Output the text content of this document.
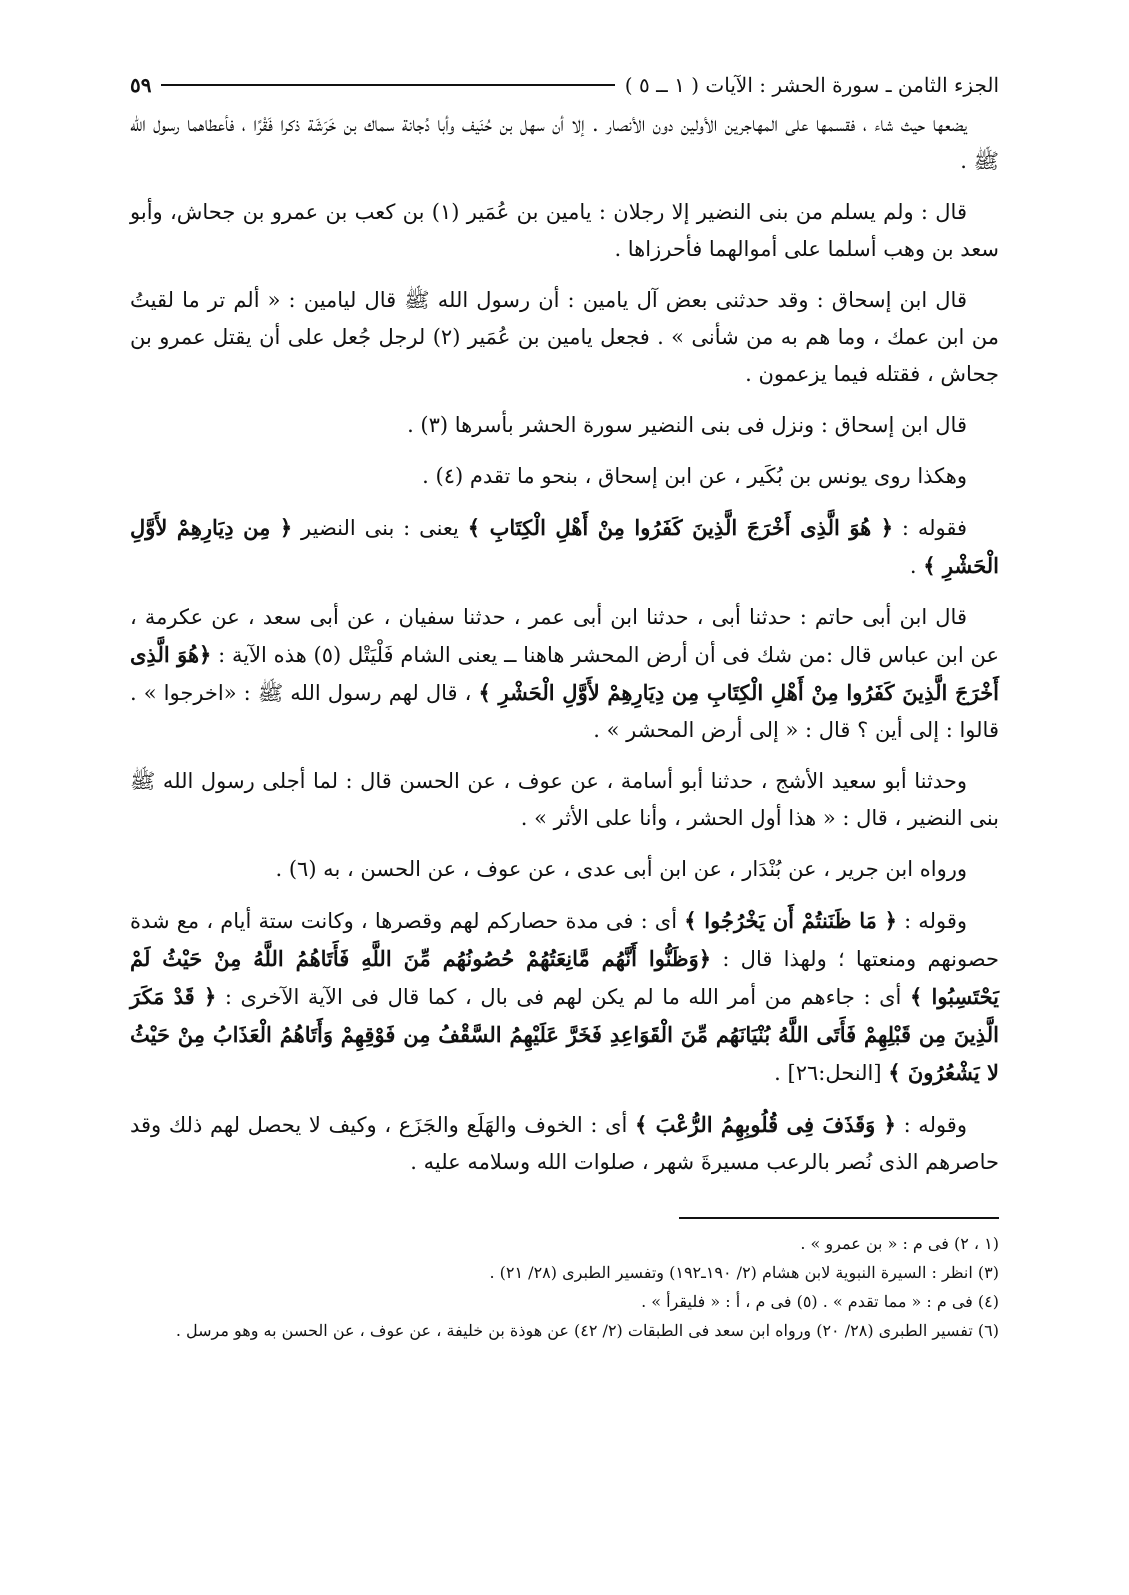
الجزء الثامن ـ سورة الحشر : الآيات ( ١ ــ ٥ )
٥٩

يضعها حيث شاء ، فقسمها على المهاجرين الأولين دون الأنصار . إلا أن سهل بن حُنَيف وأبا دُجانة سماك بن خَرَشَة ذكرا فَقْرًا ، فأعطاهما رسول الله ﷺ .

قال : ولم يسلم من بنى النضير إلا رجلان : يامين بن عُمَير (١) بن كعب بن عمرو بن جحاش، وأبو سعد بن وهب أسلما على أموالهما فأحرزاها .

قال ابن إسحاق : وقد حدثنى بعض آل يامين : أن رسول الله ﷺ قال ليامين : « ألم تر ما لقيتُ من ابن عمك ، وما هم به من شأنى » . فجعل يامين بن عُمَير (٢) لرجل جُعل على أن يقتل عمرو بن جحاش ، فقتله فيما يزعمون .

قال ابن إسحاق : ونزل فى بنى النضير سورة الحشر بأسرها (٣) .

وهكذا روى يونس بن بُكَير ، عن ابن إسحاق ، بنحو ما تقدم (٤) .

فقوله : ﴿ هُوَ الَّذِى أَخْرَجَ الَّذِينَ كَفَرُوا مِنْ أَهْلِ الْكِتَابِ ﴾ يعنى : بنى النضير ﴿ مِن دِيَارِهِمْ لأَوَّلِ الْحَشْرِ ﴾ .

قال ابن أبى حاتم : حدثنا أبى ، حدثنا ابن أبى عمر ، حدثنا سفيان ، عن أبى سعد ، عن عكرمة ، عن ابن عباس قال :من شك فى أن أرض المحشر هاهنا ــ يعنى الشام فَلْيَتْل (٥) هذه الآية : ﴿هُوَ الَّذِى أَخْرَجَ الَّذِينَ كَفَرُوا مِنْ أَهْلِ الْكِتَابِ مِن دِيَارِهِمْ لأَوَّلِ الْحَشْرِ ﴾ ، قال لهم رسول الله ﷺ : «اخرجوا » . قالوا : إلى أين ؟ قال : « إلى أرض المحشر » .

وحدثنا أبو سعيد الأشج ، حدثنا أبو أسامة ، عن عوف ، عن الحسن قال : لما أجلى رسول الله ﷺ بنى النضير ، قال : « هذا أول الحشر ، وأنا على الأثر » .

ورواه ابن جرير ، عن بُنْدَار ، عن ابن أبى عدى ، عن عوف ، عن الحسن ، به (٦) .

وقوله : ﴿ مَا ظَنَنتُمْ أَن يَخْرُجُوا ﴾ أى : فى مدة حصاركم لهم وقصرها ، وكانت ستة أيام ، مع شدة حصونهم ومنعتها ؛ ولهذا قال : ﴿وَظَنُّوا أَنَّهُم مَّانِعَتُهُمْ حُصُونُهُم مِّنَ اللَّهِ فَأَتَاهُمُ اللَّهُ مِنْ حَيْثُ لَمْ يَحْتَسِبُوا ﴾ أى : جاءهم من أمر الله ما لم يكن لهم فى بال ، كما قال فى الآية الآخرى : ﴿ قَدْ مَكَرَ الَّذِينَ مِن قَبْلِهِمْ فَأَتَى اللَّهُ بُنْيَانَهُم مِّنَ الْقَوَاعِدِ فَخَرَّ عَلَيْهِمُ السَّقْفُ مِن فَوْقِهِمْ وَأَتَاهُمُ الْعَذَابُ مِنْ حَيْثُ لا يَشْعُرُونَ ﴾ [النحل:٢٦] .

وقوله : ﴿ وَقَذَفَ فِى قُلُوبِهِمُ الرُّعْبَ ﴾ أى : الخوف والهَلَع والجَزَع ، وكيف لا يحصل لهم ذلك وقد حاصرهم الذى نُصر بالرعب مسيرةَ شهر ، صلوات الله وسلامه عليه .

(١ ، ٢) فى م : « بن عمرو » .
(٣) انظر : السيرة النبوية لابن هشام (٢/ ١٩٠ـ١٩٢) وتفسير الطبرى (٢٨/ ٢١) .
(٤) فى م : « مما تقدم » . (٥) فى م ، أ : « فليقرأ » .
(٦) تفسير الطبرى (٢٨/ ٢٠) ورواه ابن سعد فى الطبقات (٢/ ٤٢) عن هوذة بن خليفة ، عن عوف ، عن الحسن به وهو مرسل .
